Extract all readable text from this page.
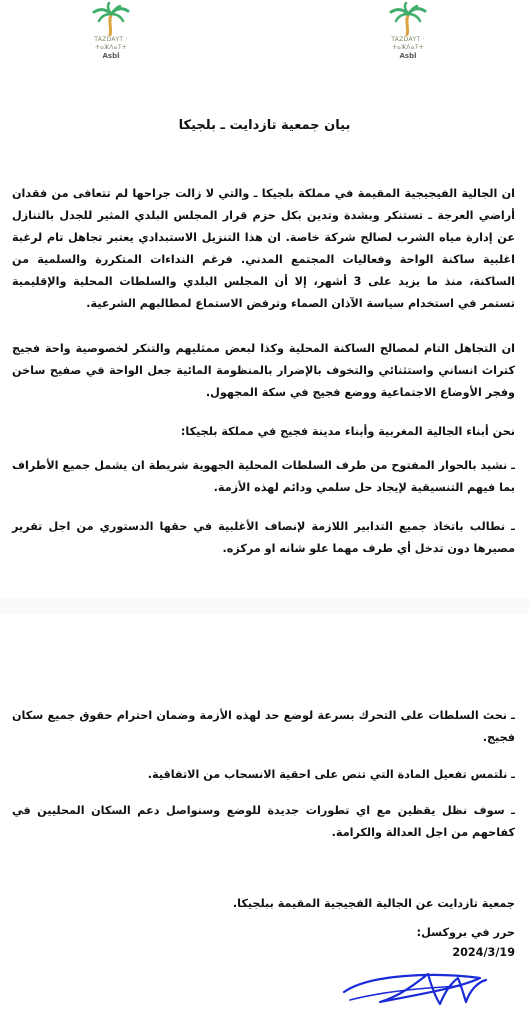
TAZDAYT · ⵜⴰⵣⴷⴰⵢⵜ
Asbl
TAZDAYT · ⵜⴰⵣⴷⴰⵢⵜ
Asbl
بيان جمعية تازدايت ـ بلجيكا

ان الجالية الفيجيجية المقيمة في مملكة بلجيكا ـ والتي لا زالت جراحها لم تتعافى من فقدان أراضي العرجة ـ تستنكر وبشدة وتدين بكل حزم قرار المجلس البلدي المثير للجدل بالتنازل عن إدارة مياه الشرب لصالح شركة خاصة. ان هذا التنزيل الاستبدادي يعتبر تجاهل تام لرغبة اغلبية ساكنة الواحة وفعاليات المجتمع المدني. فرغم النداءات المتكررة والسلمية من الساكنة، منذ ما يزيد على 3 أشهر، إلا أن المجلس البلدي والسلطات المحلية والإقليمية تستمر في استخدام سياسة الآذان الصماء وترفض الاستماع لمطالبهم الشرعية.

ان التجاهل التام لمصالح الساكنة المحلية وكذا لبعض ممثليهم والتنكر لخصوصية واحة فجيج كتراث انساني واستثنائي والتخوف بالإضرار بالمنظومة المائية جعل الواحة في صفيح ساخن وفجر الأوضاع الاجتماعية ووضع فجيج في سكة المجهول.

نحن أبناء الجالية المغربية وأبناء مدينة فجيج في مملكة بلجيكا:

ـ نشيد بالحوار المفتوح من طرف السلطات المحلية الجهوية شريطة ان يشمل جميع الأطراف بما فيهم التنسيقية لإيجاد حل سلمي ودائم لهذه الأزمة.

ـ نطالب باتخاذ جميع التدابير اللازمة لإنصاف الأغلبية في حقها الدستوري من اجل تقرير مصيرها دون تدخل أي طرف مهما علو شانه او مركزه.

ـ نحث السلطات على التحرك بسرعة لوضع حد لهذه الأزمة وضمان احترام حقوق جميع سكان فجيج.

ـ نلتمس تفعيل المادة التي تنص على احقية الانسحاب من الاتفاقية.

ـ سوف نظل يقظين مع اي تطورات جديدة للوضع وسنواصل دعم السكان المحليين في كفاحهم من اجل العدالة والكرامة.

جمعية تازدايت عن الجالية الفجيجية المقيمة ببلجيكا.

حرر في بروكسل:
2024/3/19
